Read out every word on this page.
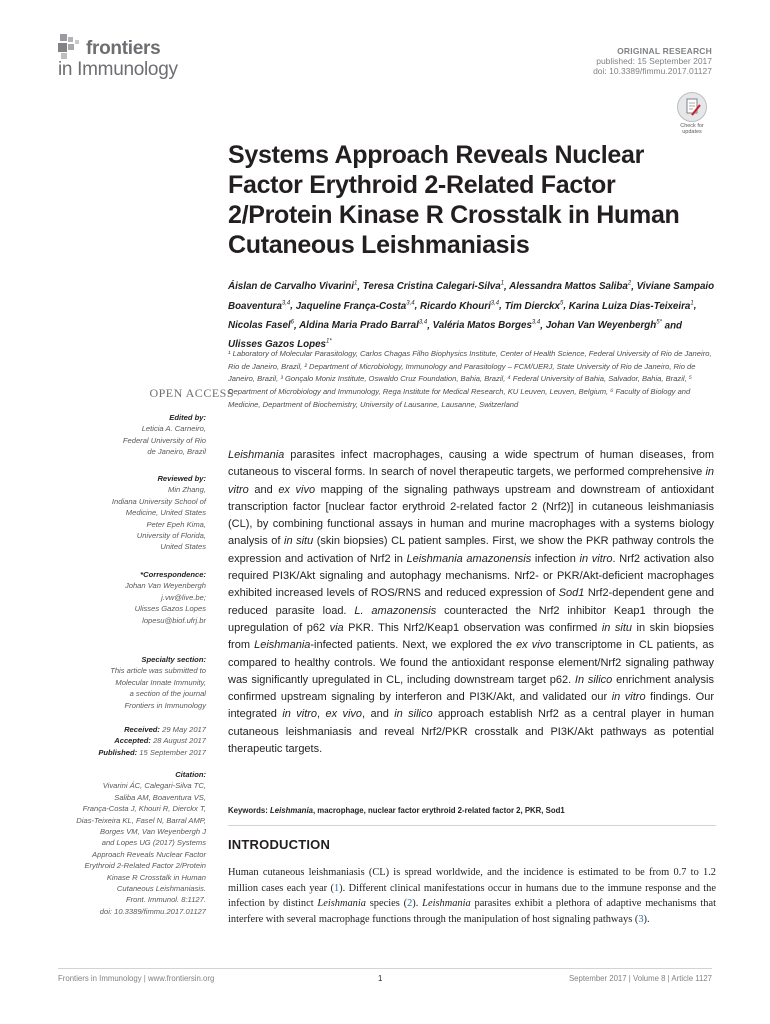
frontiers
in Immunology
ORIGINAL RESEARCH
published: 15 September 2017
doi: 10.3389/fimmu.2017.01127
Check for
updates
Systems Approach Reveals Nuclear Factor Erythroid 2-Related Factor 2/Protein Kinase R Crosstalk in Human Cutaneous Leishmaniasis
Áislan de Carvalho Vivarini$^1$, Teresa Cristina Calegari-Silva$^1$, Alessandra Mattos Saliba$^2$, Viviane Sampaio Boaventura$^{3,4}$, Jaqueline França-Costa$^{3,4}$, Ricardo Khouri$^{3,4}$, Tim Dierckx$^5$, Karina Luiza Dias-Teixeira$^1$, Nicolas Fasel$^6$, Aldina Maria Prado Barral$^{3,4}$, Valéria Matos Borges$^{3,4}$, Johan Van Weyenbergh$^{5*}$ and Ulisses Gazos Lopes$^{1*}$
¹ Laboratory of Molecular Parasitology, Carlos Chagas Filho Biophysics Institute, Center of Health Science, Federal University of Rio de Janeiro, Rio de Janeiro, Brazil, ² Department of Microbiology, Immunology and Parasitology – FCM/UERJ, State University of Rio de Janeiro, Rio de Janeiro, Brazil, ³ Gonçalo Moniz Institute, Oswaldo Cruz Foundation, Bahia, Brazil, ⁴ Federal University of Bahia, Salvador, Bahia, Brazil, ⁵ Department of Microbiology and Immunology, Rega Institute for Medical Research, KU Leuven, Leuven, Belgium, ⁶ Faculty of Biology and Medicine, Department of Biochemistry, University of Lausanne, Lausanne, Switzerland
OPEN ACCESS
Edited by:
Leticia A. Carneiro,
Federal University of Rio
de Janeiro, Brazil
Reviewed by:
Min Zhang,
Indiana University School of
Medicine, United States
Peter Epeh Kima,
University of Florida,
United States
*Correspondence:
Johan Van Weyenbergh
j.vw@live.be;
Ulisses Gazos Lopes
lopesu@biof.ufrj.br
Specialty section:
This article was submitted to
Molecular Innate Immunity,
a section of the journal
Frontiers in Immunology
Received: 29 May 2017
Accepted: 28 August 2017
Published: 15 September 2017
Citation:
Vivarini ÁC, Calegari-Silva TC,
Saliba AM, Boaventura VS,
França-Costa J, Khouri R, Dierckx T,
Dias-Teixeira KL, Fasel N, Barral AMP,
Borges VM, Van Weyenbergh J
and Lopes UG (2017) Systems
Approach Reveals Nuclear Factor
Erythroid 2-Related Factor 2/Protein
Kinase R Crosstalk in Human
Cutaneous Leishmaniasis.
Front. Immunol. 8:1127.
doi: 10.3389/fimmu.2017.01127
Leishmania parasites infect macrophages, causing a wide spectrum of human diseases, from cutaneous to visceral forms. In search of novel therapeutic targets, we performed comprehensive in vitro and ex vivo mapping of the signaling pathways upstream and downstream of antioxidant transcription factor [nuclear factor erythroid 2-related factor 2 (Nrf2)] in cutaneous leishmaniasis (CL), by combining functional assays in human and murine macrophages with a systems biology analysis of in situ (skin biopsies) CL patient samples. First, we show the PKR pathway controls the expression and activation of Nrf2 in Leishmania amazonensis infection in vitro. Nrf2 activation also required PI3K/Akt signaling and autophagy mechanisms. Nrf2- or PKR/Akt-deficient macrophages exhibited increased levels of ROS/RNS and reduced expression of Sod1 Nrf2-dependent gene and reduced parasite load. L. amazonensis counteracted the Nrf2 inhibitor Keap1 through the upregulation of p62 via PKR. This Nrf2/Keap1 observation was confirmed in situ in skin biopsies from Leishmania-infected patients. Next, we explored the ex vivo transcriptome in CL patients, as compared to healthy controls. We found the antioxidant response element/Nrf2 signaling pathway was significantly upregulated in CL, including downstream target p62. In silico enrichment analysis confirmed upstream signaling by interferon and PI3K/Akt, and validated our in vitro findings. Our integrated in vitro, ex vivo, and in silico approach establish Nrf2 as a central player in human cutaneous leishmaniasis and reveal Nrf2/PKR crosstalk and PI3K/Akt pathways as potential therapeutic targets.
Keywords: Leishmania, macrophage, nuclear factor erythroid 2-related factor 2, PKR, Sod1
INTRODUCTION
Human cutaneous leishmaniasis (CL) is spread worldwide, and the incidence is estimated to be from 0.7 to 1.2 million cases each year (1). Different clinical manifestations occur in humans due to the immune response and the infection by distinct Leishmania species (2). Leishmania parasites exhibit a plethora of adaptive mechanisms that interfere with several macrophage functions through the manipulation of host signaling pathways (3).
Frontiers in Immunology | www.frontiersin.org	1	September 2017 | Volume 8 | Article 1127
